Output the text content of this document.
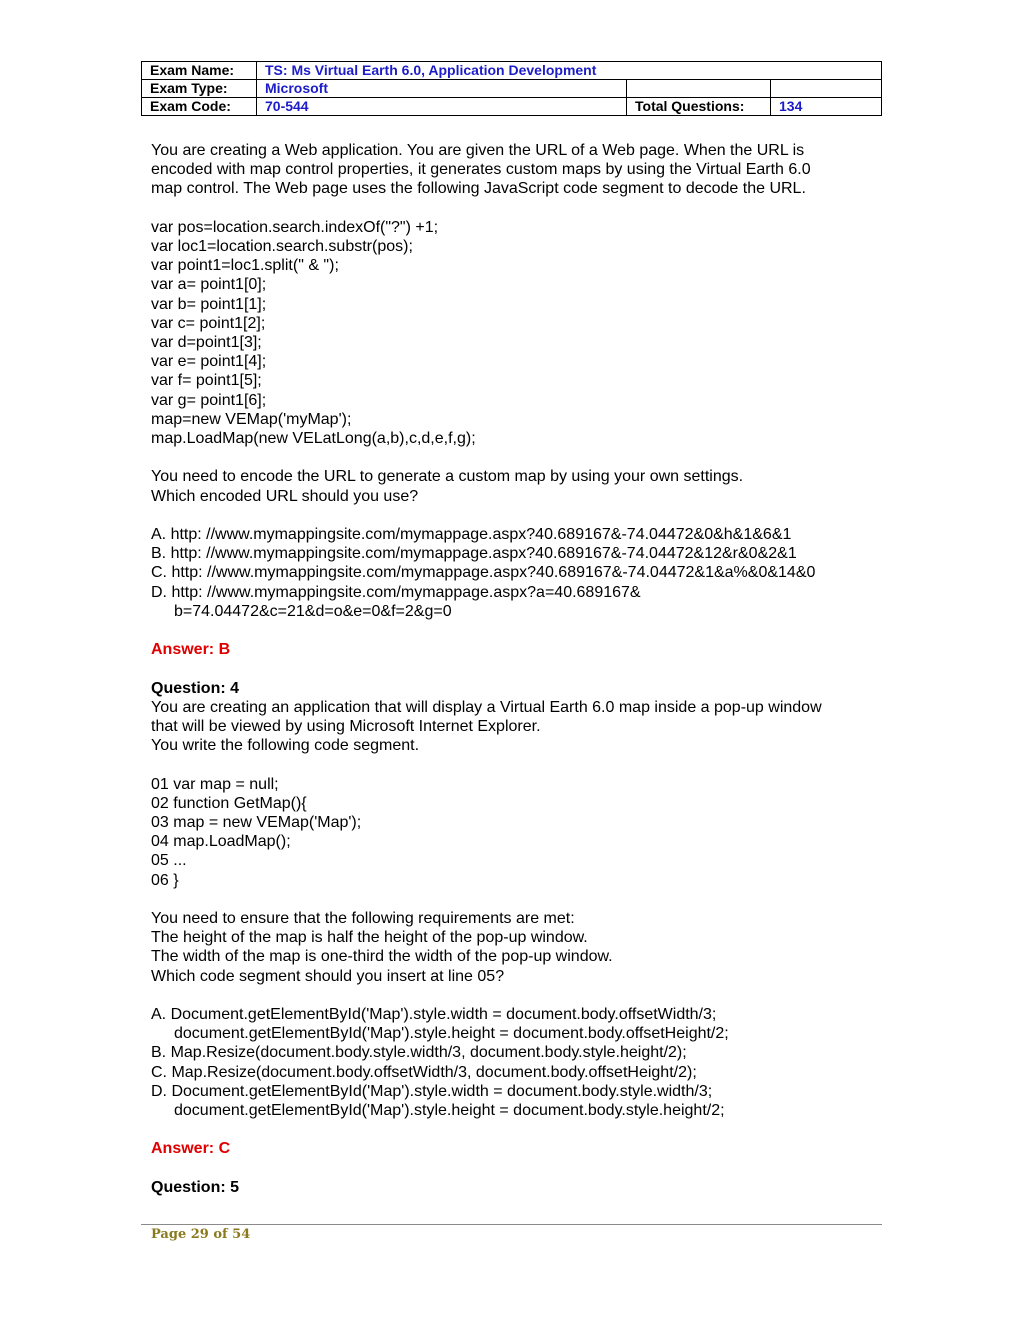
Exam Name:	TS: Ms Virtual Earth 6.0, Application Development		
Exam Type:	Microsoft		
Exam Code:	70-544	Total Questions:	134

You are creating a Web application. You are given the URL of a Web page. When the URL is

encoded with map control properties, it generates custom maps by using the Virtual Earth 6.0

map control. The Web page uses the following JavaScript code segment to decode the URL.

var pos=location.search.indexOf("?") +1;

var loc1=location.search.substr(pos);

var point1=loc1.split(" & ");

var a= point1[0];

var b= point1[1];

var c= point1[2];

var d=point1[3];

var e= point1[4];

var f= point1[5];

var g= point1[6];

map=new VEMap('myMap');

map.LoadMap(new VELatLong(a,b),c,d,e,f,g);

You need to encode the URL to generate a custom map by using your own settings.

Which encoded URL should you use?

A. http: //www.mymappingsite.com/mymappage.aspx?40.689167&-74.04472&0&h&1&6&1

B. http: //www.mymappingsite.com/mymappage.aspx?40.689167&-74.04472&12&r&0&2&1

C. http: //www.mymappingsite.com/mymappage.aspx?40.689167&-74.04472&1&a%&0&14&0

D. http: //www.mymappingsite.com/mymappage.aspx?a=40.689167&

b=74.04472&c=21&d=o&e=0&f=2&g=0

Answer: B

Question: 4

You are creating an application that will display a Virtual Earth 6.0 map inside a pop-up window

that will be viewed by using Microsoft Internet Explorer.

You write the following code segment.

01 var map = null;

02 function GetMap(){

03 map = new VEMap('Map');

04 map.LoadMap();

05 ...

06 }

You need to ensure that the following requirements are met:

The height of the map is half the height of the pop-up window.

The width of the map is one-third the width of the pop-up window.

Which code segment should you insert at line 05?

A. Document.getElementById('Map').style.width = document.body.offsetWidth/3;

document.getElementById('Map').style.height = document.body.offsetHeight/2;

B. Map.Resize(document.body.style.width/3, document.body.style.height/2);

C. Map.Resize(document.body.offsetWidth/3, document.body.offsetHeight/2);

D. Document.getElementById('Map').style.width = document.body.style.width/3;

document.getElementById('Map').style.height = document.body.style.height/2;

Answer: C

Question: 5

Page 29 of 54
